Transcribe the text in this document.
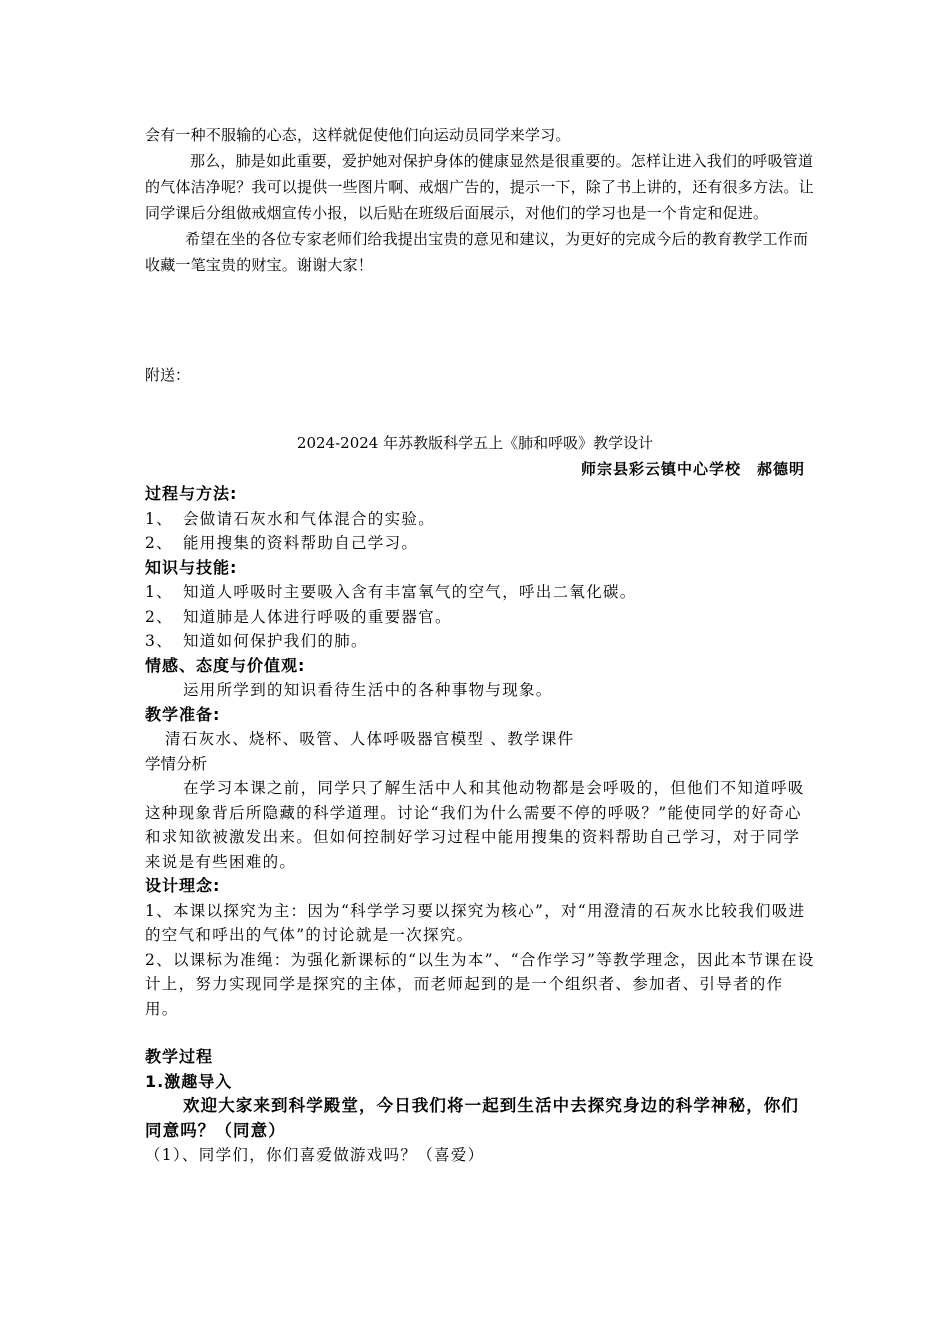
会有一种不服输的心态，这样就促使他们向运动员同学来学习。

那么，肺是如此重要，爱护她对保护身体的健康显然是很重要的。怎样让进入我们的呼吸管道的气体洁净呢？我可以提供一些图片啊、戒烟广告的，提示一下，除了书上讲的，还有很多方法。让同学课后分组做戒烟宣传小报，以后贴在班级后面展示，对他们的学习也是一个肯定和促进。

希望在坐的各位专家老师们给我提出宝贵的意见和建议，为更好的完成今后的教育教学工作而收藏一笔宝贵的财宝。谢谢大家！

附送：
2024-2024 年苏教版科学五上《肺和呼吸》教学设计
师宗县彩云镇中心学校　郝德明
过程与方法:
1、 会做请石灰水和气体混合的实验。
2、 能用搜集的资料帮助自己学习。
知识与技能:
1、 知道人呼吸时主要吸入含有丰富氧气的空气，呼出二氧化碳。
2、 知道肺是人体进行呼吸的重要器官。
3、 知道如何保护我们的肺。
情感、态度与价值观:
运用所学到的知识看待生活中的各种事物与现象。
教学准备:
清石灰水、烧杯、吸管、人体呼吸器官模型 、教学课件
学情分析
在学习本课之前，同学只了解生活中人和其他动物都是会呼吸的，但他们不知道呼吸这种现象背后所隐藏的科学道理。讨论“我们为什么需要不停的呼吸？”能使同学的好奇心和求知欲被激发出来。但如何控制好学习过程中能用搜集的资料帮助自己学习，对于同学来说是有些困难的。
设计理念:
1、本课以探究为主：因为“科学学习要以探究为核心”，对“用澄清的石灰水比较我们吸进的空气和呼出的气体”的讨论就是一次探究。
2、以课标为准绳：为强化新课标的“以生为本”、“合作学习”等教学理念，因此本节课在设计上，努力实现同学是探究的主体，而老师起到的是一个组织者、参加者、引导者的作用。
教学过程
1.激趣导入
欢迎大家来到科学殿堂，今日我们将一起到生活中去探究身边的科学神秘，你们同意吗？（同意）
（1）、同学们，你们喜爱做游戏吗？（喜爱）
